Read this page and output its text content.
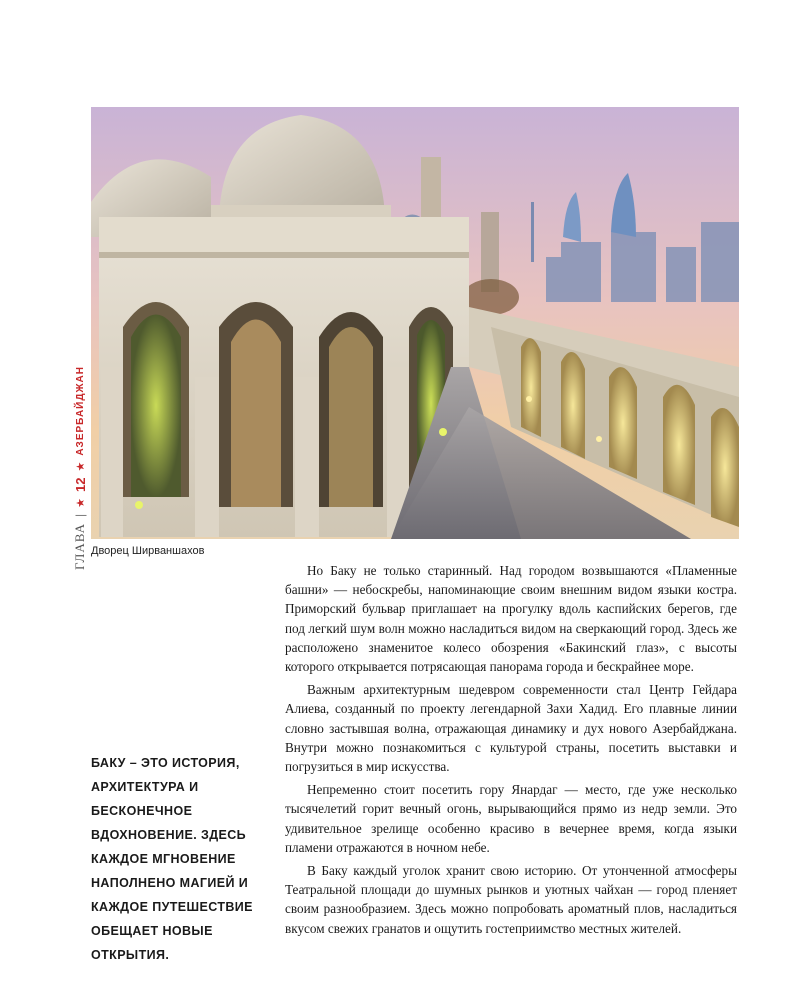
ГЛАВА
|
★
12
★
АЗЕРБАЙДЖАН
Дворец Ширваншахов

Но Баку не только старинный. Над городом возвышаются «Пламенные башни» — небоскребы, напоминающие своим внешним видом языки костра. Приморский бульвар приглашает на прогулку вдоль каспийских берегов, где под легкий шум волн можно насладиться видом на сверкающий город. Здесь же расположено знаменитое колесо обозрения «Бакинский глаз», с высоты которого открывается потрясающая панорама города и бескрайнее море.

Важным архитектурным шедевром современности стал Центр Гейдара Алиева, созданный по проекту легендарной Захи Хадид. Его плавные линии словно застывшая волна, отражающая динамику и дух нового Азербайджана. Внутри можно познакомиться с культурой страны, посетить выставки и погрузиться в мир искусства.

Непременно стоит посетить гору Янардаг — место, где уже несколько тысячелетий горит вечный огонь, вырывающийся прямо из недр земли. Это удивительное зрелище особенно красиво в вечернее время, когда языки пламени отражаются в ночном небе.

В Баку каждый уголок хранит свою историю. От утонченной атмосферы Театральной площади до шумных рынков и уютных чайхан — город пленяет своим разнообразием. Здесь можно попробовать ароматный плов, насладиться вкусом свежих гранатов и ощутить гостеприимство местных жителей.

БАКУ – ЭТО ИСТОРИЯ, АРХИТЕКТУРА И БЕСКОНЕЧНОЕ ВДОХНОВЕНИЕ. ЗДЕСЬ КАЖДОЕ МГНОВЕНИЕ НАПОЛНЕНО МАГИЕЙ И КАЖДОЕ ПУТЕШЕСТВИЕ ОБЕЩАЕТ НОВЫЕ ОТКРЫТИЯ.
